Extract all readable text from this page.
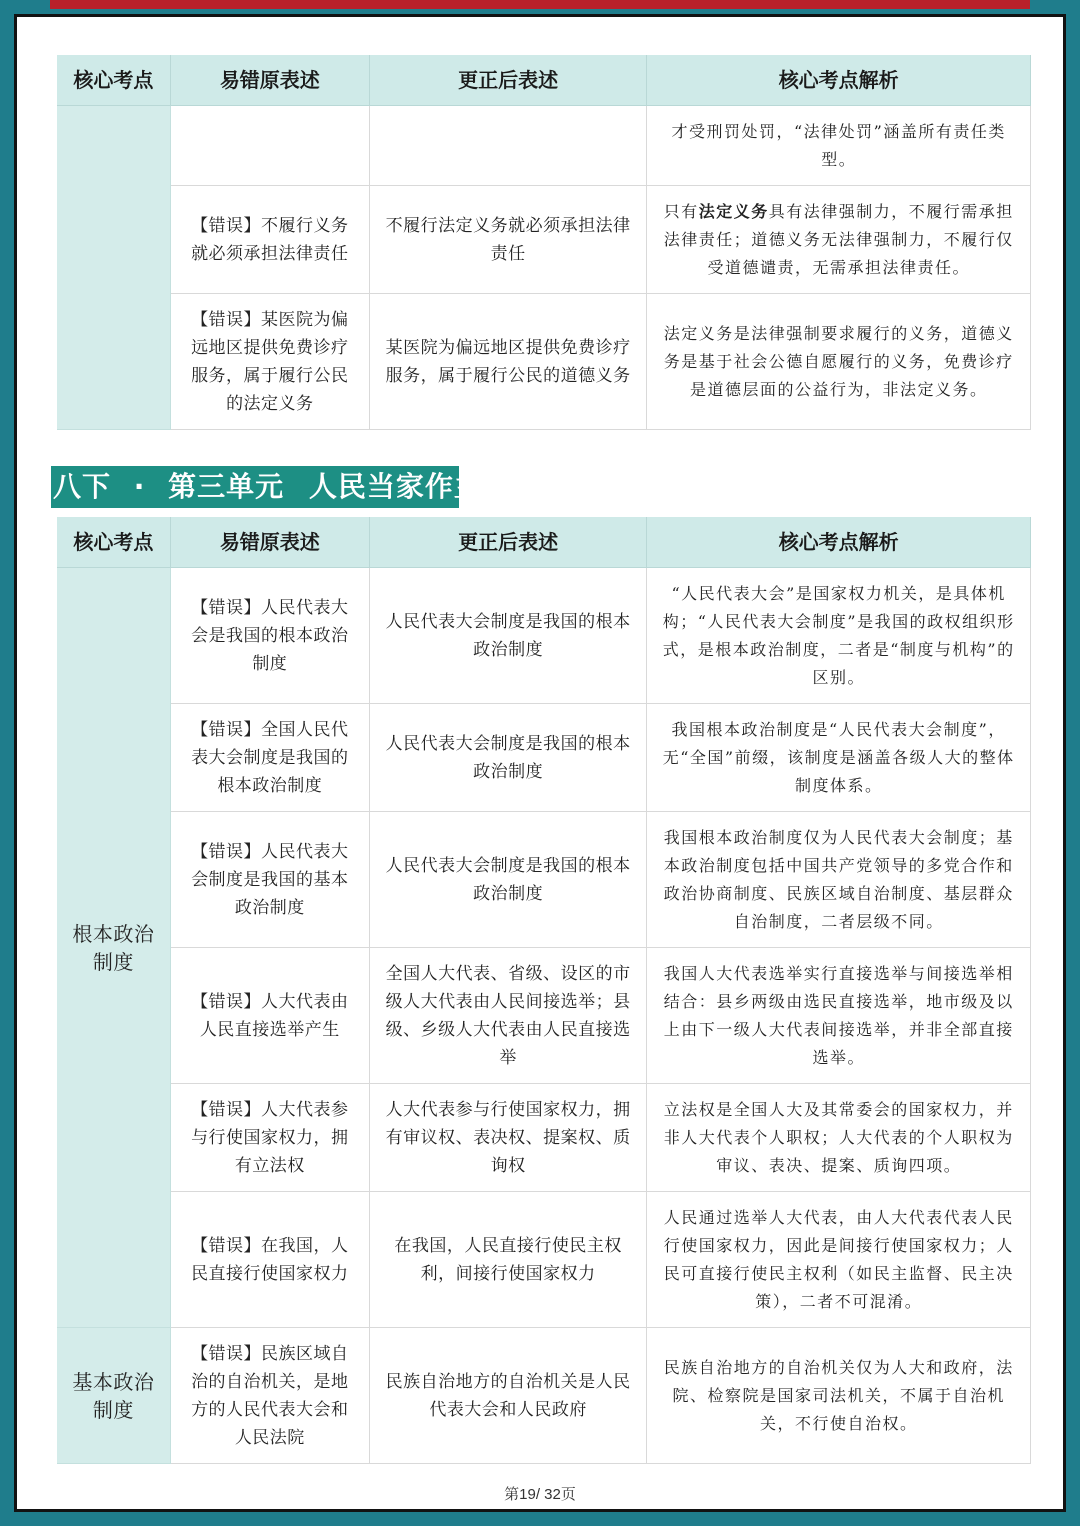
核心考点	易错原表述	更正后表述	核心考点解析
			才受刑罚处罚，“法律处罚”涵盖所有责任类型。
	【错误】不履行义务就必须承担法律责任	不履行法定义务就必须承担法律责任	只有法定义务具有法律强制力，不履行需承担法律责任；道德义务无法律强制力，不履行仅受道德谴责，无需承担法律责任。
	【错误】某医院为偏远地区提供免费诊疗服务，属于履行公民的法定义务	某医院为偏远地区提供免费诊疗服务，属于履行公民的道德义务	法定义务是法律强制要求履行的义务，道德义务是基于社会公德自愿履行的义务，免费诊疗是道德层面的公益行为，非法定义务。
八下 · 第三单元 人民当家作主
核心考点	易错原表述	更正后表述	核心考点解析
根本政治制度	【错误】人民代表大会是我国的根本政治制度	人民代表大会制度是我国的根本政治制度	“人民代表大会”是国家权力机关，是具体机构；“人民代表大会制度”是我国的政权组织形式，是根本政治制度，二者是“制度与机构”的区别。
	【错误】全国人民代表大会制度是我国的根本政治制度	人民代表大会制度是我国的根本政治制度	我国根本政治制度是“人民代表大会制度”，无“全国”前缀，该制度是涵盖各级人大的整体制度体系。
	【错误】人民代表大会制度是我国的基本政治制度	人民代表大会制度是我国的根本政治制度	我国根本政治制度仅为人民代表大会制度；基本政治制度包括中国共产党领导的多党合作和政治协商制度、民族区域自治制度、基层群众自治制度，二者层级不同。
	【错误】人大代表由人民直接选举产生	全国人大代表、省级、设区的市级人大代表由人民间接选举；县级、乡级人大代表由人民直接选举	我国人大代表选举实行直接选举与间接选举相结合：县乡两级由选民直接选举，地市级及以上由下一级人大代表间接选举，并非全部直接选举。
	【错误】人大代表参与行使国家权力，拥有立法权	人大代表参与行使国家权力，拥有审议权、表决权、提案权、质询权	立法权是全国人大及其常委会的国家权力，并非人大代表个人职权；人大代表的个人职权为审议、表决、提案、质询四项。
	【错误】在我国，人民直接行使国家权力	在我国，人民直接行使民主权利，间接行使国家权力	人民通过选举人大代表，由人大代表代表人民行使国家权力，因此是间接行使国家权力；人民可直接行使民主权利（如民主监督、民主决策），二者不可混淆。
基本政治制度	【错误】民族区域自治的自治机关，是地方的人民代表大会和人民法院	民族自治地方的自治机关是人民代表大会和人民政府	民族自治地方的自治机关仅为人大和政府，法院、检察院是国家司法机关，不属于自治机关，不行使自治权。
第19/ 32页
